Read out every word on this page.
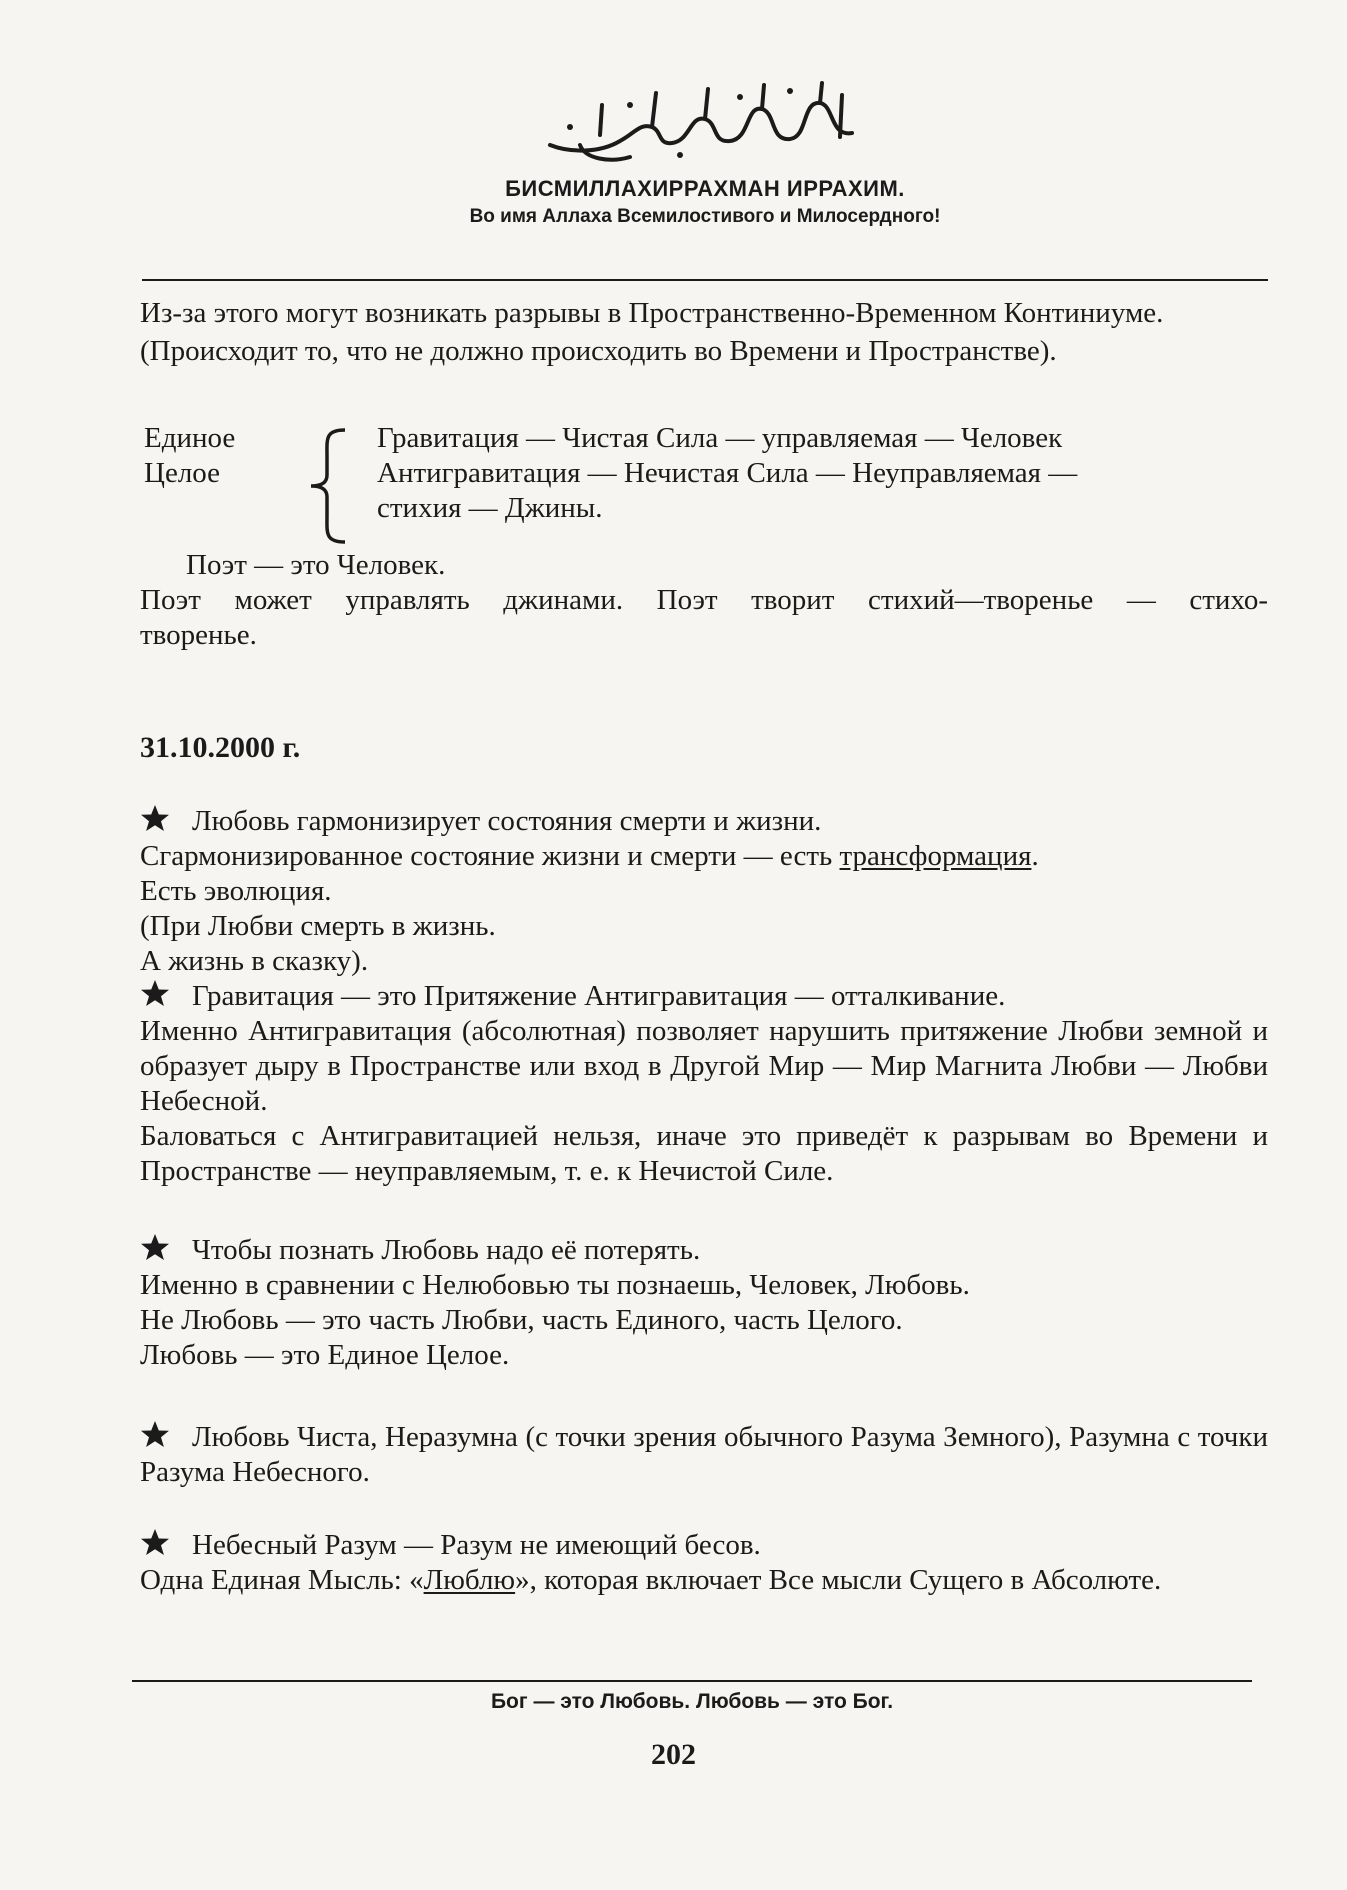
БИСМИЛЛАХИРРАХМАН ИРРАХИМ.
Во имя Аллаха Всемилостивого и Милосердного!

Из-за этого могут возникать разрывы в Пространственно-Временном Континиуме.

(Происходит то, что не должно происходить во Времени и Пространстве).

Единое
Целое
Гравитация — Чистая Сила — управляемая — Человек
Антигравитация — Нечистая Сила — Неуправляемая —
стихия — Джины.

Поэт — это Человек.

Поэт может управлять джинами. Поэт творит стихий—творенье — стихо-

творенье.

31.10.2000 г.

Любовь гармонизирует состояния смерти и жизни.

Сгармонизированное состояние жизни и смерти — есть трансформация.

Есть эволюция.

(При Любви смерть в жизнь.

А жизнь в сказку).

Гравитация — это Притяжение Антигравитация — отталкивание.

Именно Антигравитация (абсолютная) позволяет нарушить притяжение Любви земной и образует дыру в Пространстве или вход в Другой Мир — Мир Магнита Любви — Любви Небесной.

Баловаться с Антигравитацией нельзя, иначе это приведёт к разрывам во Времени и Пространстве — неуправляемым, т. е. к Нечистой Силе.

Чтобы познать Любовь надо её потерять.

Именно в сравнении с Нелюбовью ты познаешь, Человек, Любовь.

Не Любовь — это часть Любви, часть Единого, часть Целого.

Любовь — это Единое Целое.

Любовь Чиста, Неразумна (с точки зрения обычного Разума Земного), Разумна с точки Разума Небесного.

Небесный Разум — Разум не имеющий бесов.

Одна Единая Мысль: «Люблю», которая включает Все мысли Сущего в Абсолюте.

Бог — это Любовь. Любовь — это Бог.
202
